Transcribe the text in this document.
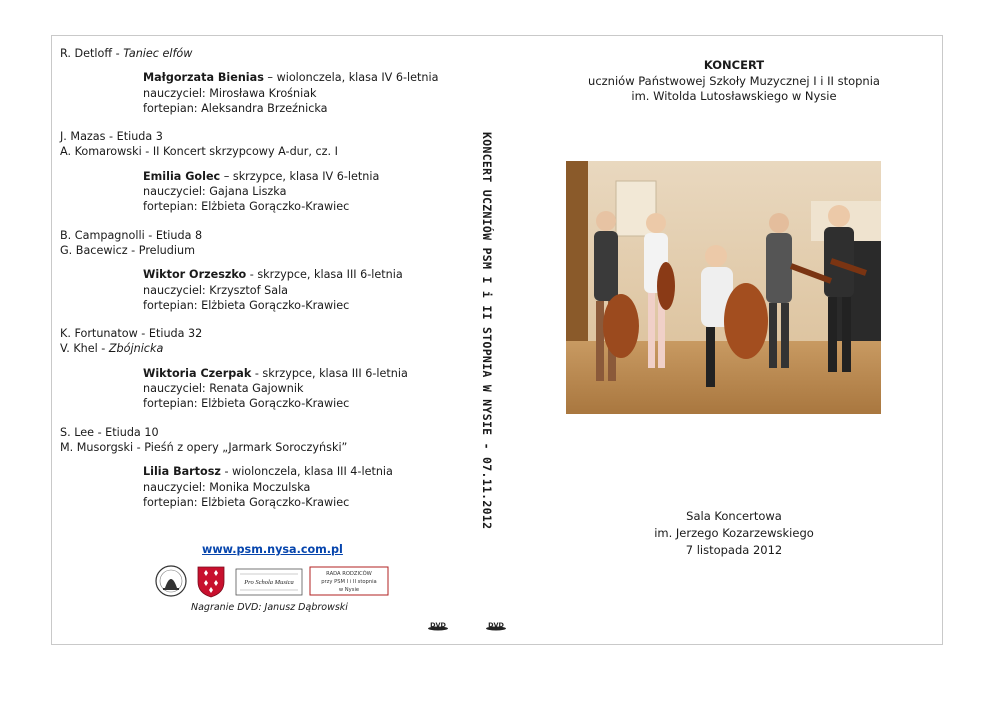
R. Detloff - Taniec elfów

Małgorzata Bienias – wiolonczela, klasa IV 6-letnia

nauczyciel: Mirosława Krośniak

fortepian: Aleksandra Brzeźnicka

J. Mazas - Etiuda 3

A. Komarowski - II Koncert skrzypcowy A-dur, cz. I

Emilia Golec – skrzypce, klasa IV 6-letnia

nauczyciel: Gajana Liszka

fortepian: Elżbieta Gorączko-Krawiec

B. Campagnolli - Etiuda 8

G. Bacewicz - Preludium

Wiktor Orzeszko - skrzypce, klasa III 6-letnia

nauczyciel: Krzysztof Sala

fortepian: Elżbieta Gorączko-Krawiec

K. Fortunatow - Etiuda 32

V. Khel - Zbójnicka

Wiktoria Czerpak - skrzypce, klasa III 6-letnia

nauczyciel: Renata Gajownik

fortepian: Elżbieta Gorączko-Krawiec

S. Lee - Etiuda 10

M. Musorgski - Pieśń z opery „Jarmark Soroczyński”

Lilia Bartosz - wiolonczela, klasa III 4-letnia

nauczyciel: Monika Moczulska

fortepian: Elżbieta Gorączko-Krawiec

www.psm.nysa.com.pl
Pro Schola Musica
RADA RODZICÓW
przy PSM I i II stopnia
w Nysie
Nagranie DVD: Janusz Dąbrowski
KONCERT UCZNIÓW PSM I i II STOPNIA W NYSIE - 07.11.2012
DVD	DVD

KONCERT

uczniów Państwowej Szkoły Muzycznej I i II stopnia

im. Witolda Lutosławskiego w Nysie

Sala Koncertowa

im. Jerzego Kozarzewskiego

7 listopada 2012
